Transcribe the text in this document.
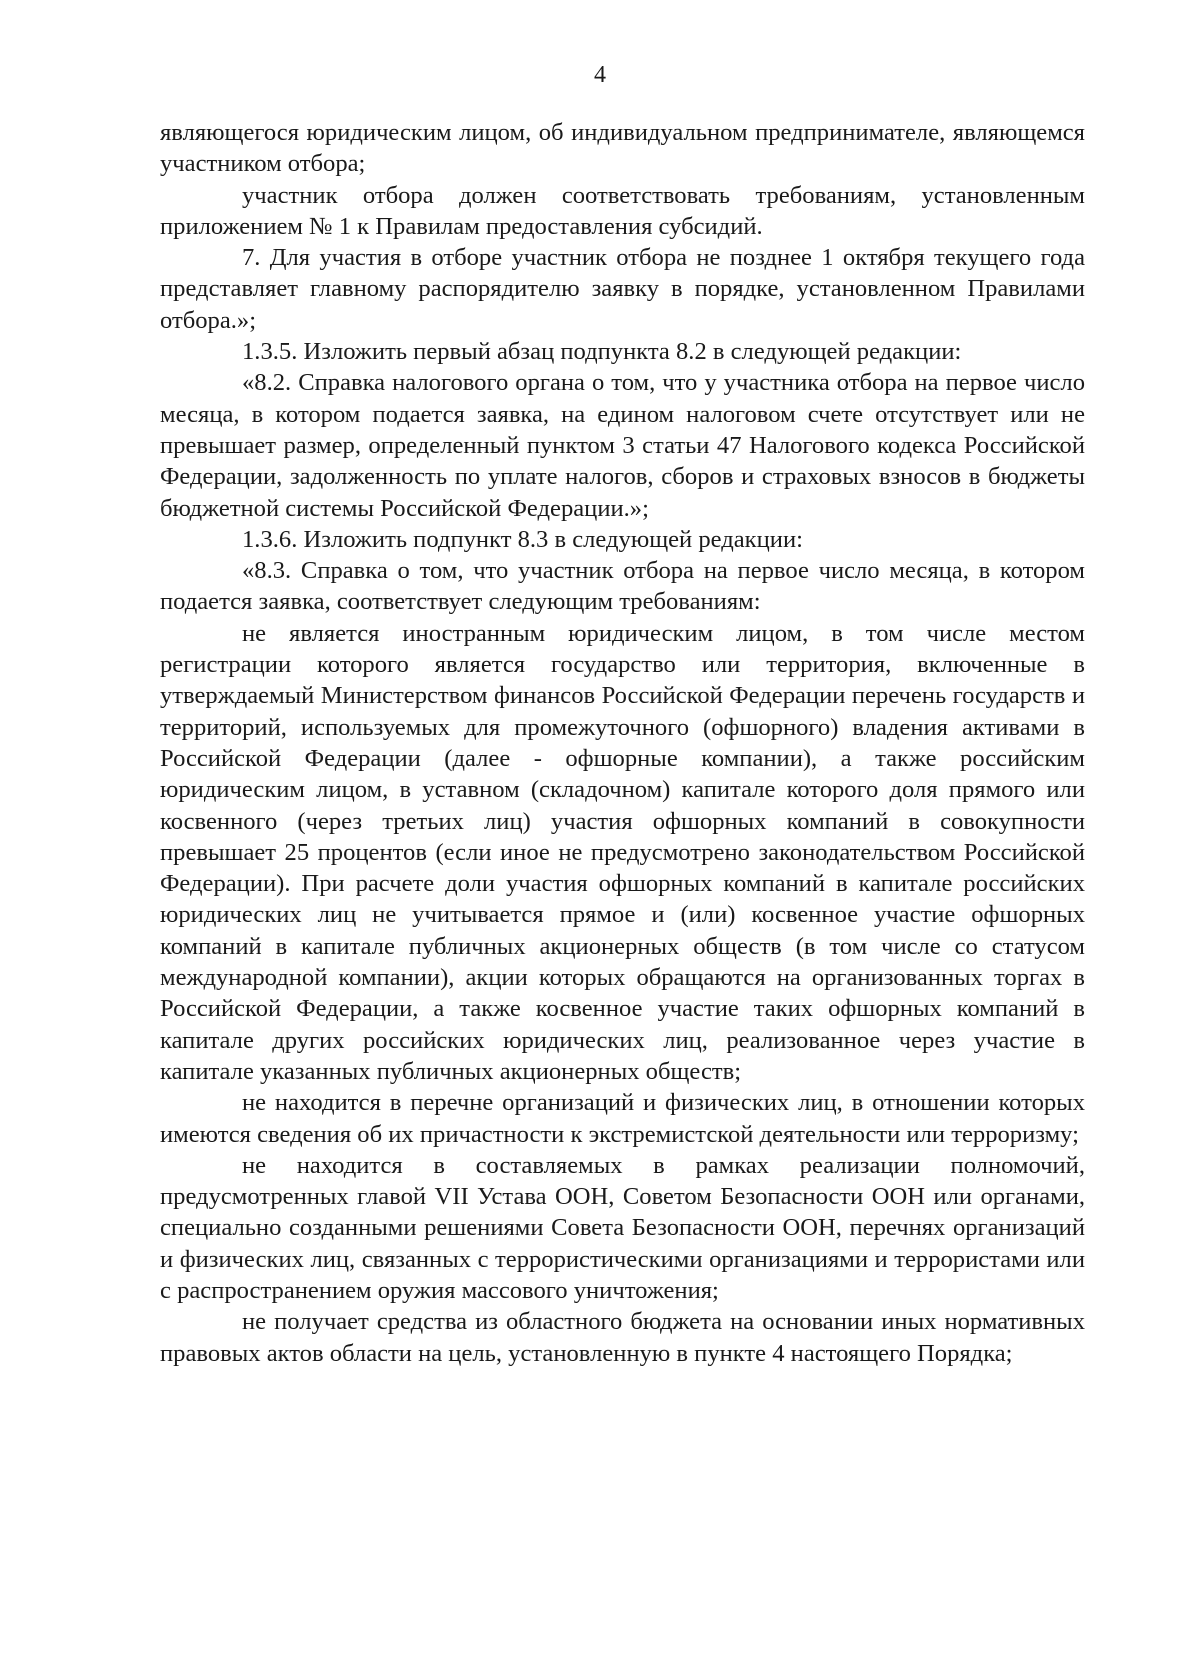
4

являющегося юридическим лицом, об индивидуальном предпринимателе, являющемся участником отбора;

участник отбора должен соответствовать требованиям, установленным приложением № 1 к Правилам предоставления субсидий.

7. Для участия в отборе участник отбора не позднее 1 октября текущего года представляет главному распорядителю заявку в порядке, установленном Правилами отбора.»;

1.3.5. Изложить первый абзац подпункта 8.2 в следующей редакции:

«8.2. Справка налогового органа о том, что у участника отбора на первое число месяца, в котором подается заявка, на едином налоговом счете отсутствует или не превышает размер, определенный пунктом 3 статьи 47 Налогового кодекса Российской Федерации, задолженность по уплате налогов, сборов и страховых взносов в бюджеты бюджетной системы Российской Федерации.»;

1.3.6. Изложить подпункт 8.3 в следующей редакции:

«8.3. Справка о том, что участник отбора на первое число месяца, в котором подается заявка, соответствует следующим требованиям:

не является иностранным юридическим лицом, в том числе местом регистрации которого является государство или территория, включенные в утверждаемый Министерством финансов Российской Федерации перечень государств и территорий, используемых для промежуточного (офшорного) владения активами в Российской Федерации (далее - офшорные компании), а также российским юридическим лицом, в уставном (складочном) капитале которого доля прямого или косвенного (через третьих лиц) участия офшорных компаний в совокупности превышает 25 процентов (если иное не предусмотрено законодательством Российской Федерации). При расчете доли участия офшорных компаний в капитале российских юридических лиц не учитывается прямое и (или) косвенное участие офшорных компаний в капитале публичных акционерных обществ (в том числе со статусом международной компании), акции которых обращаются на организованных торгах в Российской Федерации, а также косвенное участие таких офшорных компаний в капитале других российских юридических лиц, реализованное через участие в капитале указанных публичных акционерных обществ;

не находится в перечне организаций и физических лиц, в отношении которых имеются сведения об их причастности к экстремистской деятельности или терроризму;

не находится в составляемых в рамках реализации полномочий, предусмотренных главой VII Устава ООН, Советом Безопасности ООН или органами, специально созданными решениями Совета Безопасности ООН, перечнях организаций и физических лиц, связанных с террористическими организациями и террористами или с распространением оружия массового уничтожения;

не получает средства из областного бюджета на основании иных нормативных правовых актов области на цель, установленную в пункте 4 настоящего Порядка;
